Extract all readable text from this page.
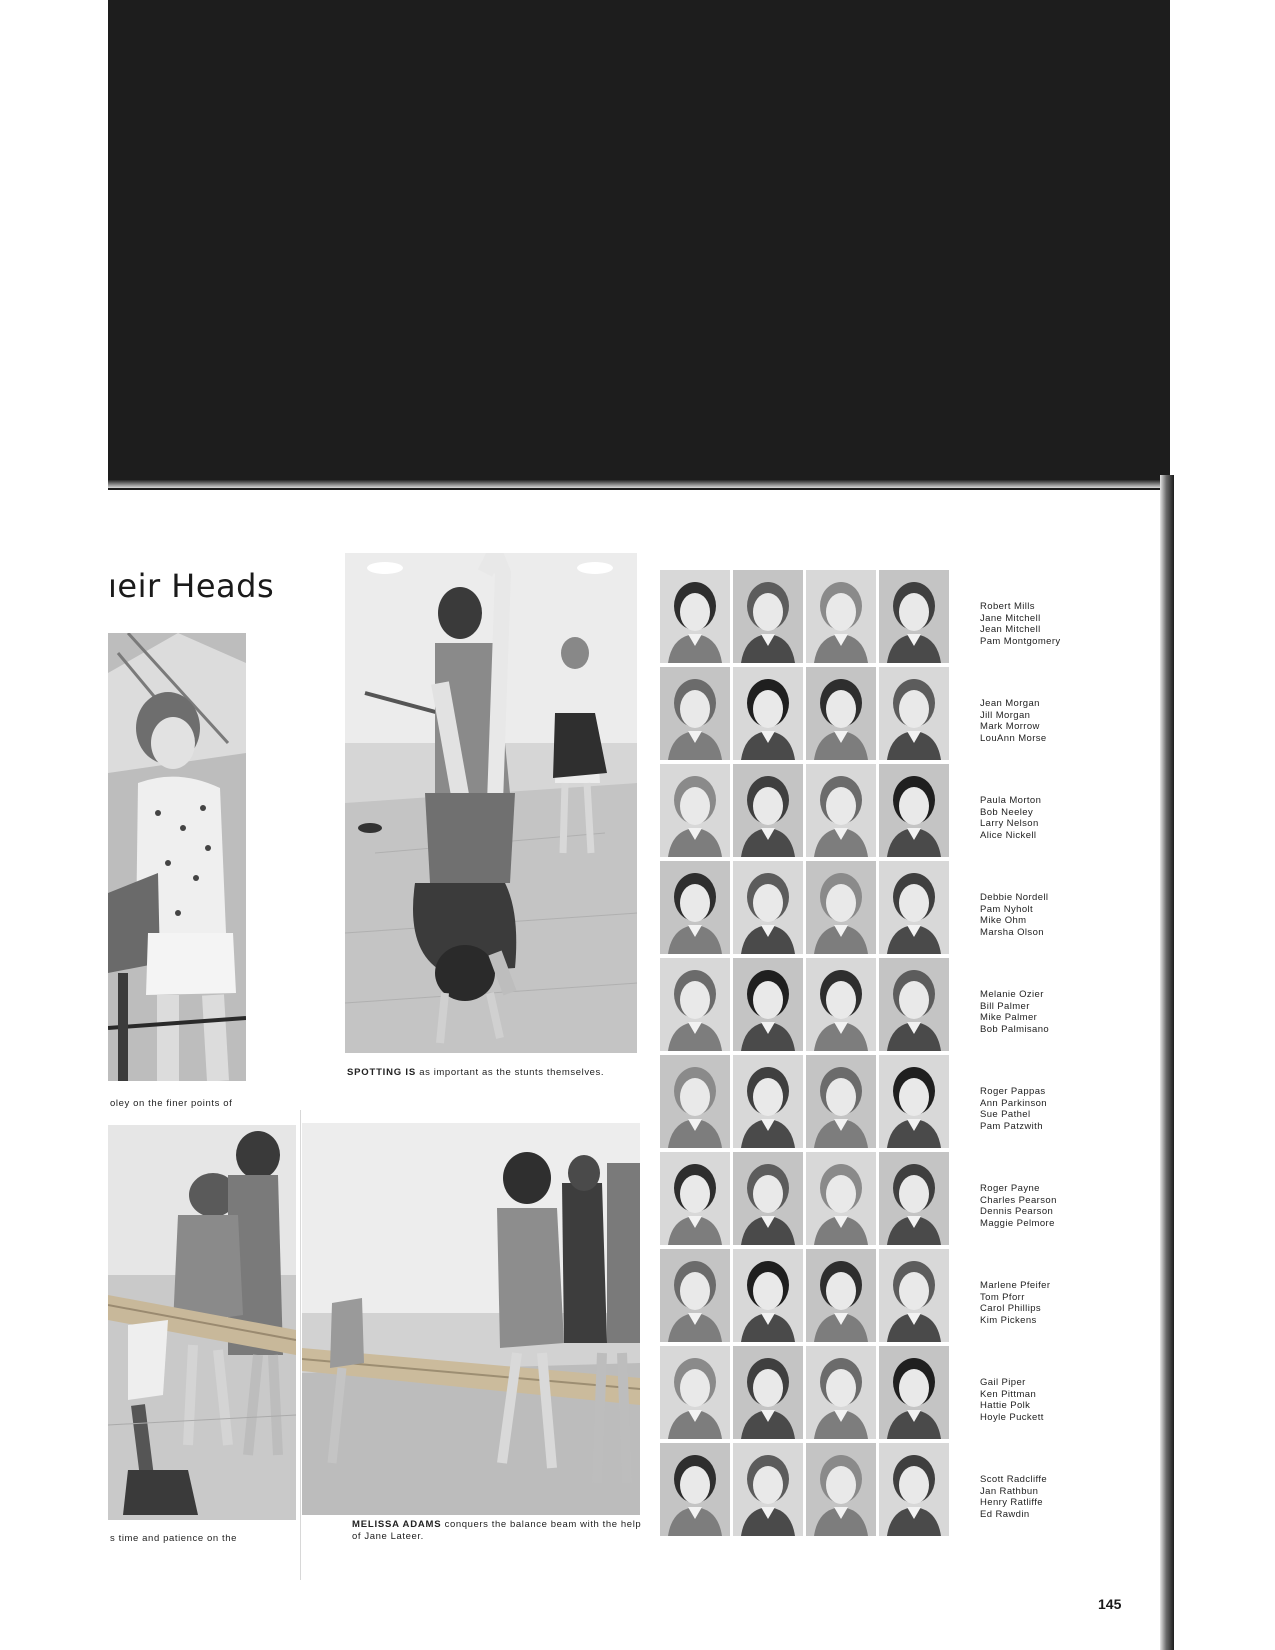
ıeir Heads
oley on the finer points of
SPOTTING IS as important as the stunts themselves.
s time and patience on the
MELISSA ADAMS conquers the balance beam with the help of Jane Lateer.
Robert Mills
Jane Mitchell
Jean Mitchell
Pam Montgomery
Jean Morgan
Jill Morgan
Mark Morrow
LouAnn Morse
Paula Morton
Bob Neeley
Larry Nelson
Alice Nickell
Debbie Nordell
Pam Nyholt
Mike Ohm
Marsha Olson
Melanie Ozier
Bill Palmer
Mike Palmer
Bob Palmisano
Roger Pappas
Ann Parkinson
Sue Pathel
Pam Patzwith
Roger Payne
Charles Pearson
Dennis Pearson
Maggie Pelmore
Marlene Pfeifer
Tom Pforr
Carol Phillips
Kim Pickens
Gail Piper
Ken Pittman
Hattie Polk
Hoyle Puckett
Scott Radcliffe
Jan Rathbun
Henry Ratliffe
Ed Rawdin
145
